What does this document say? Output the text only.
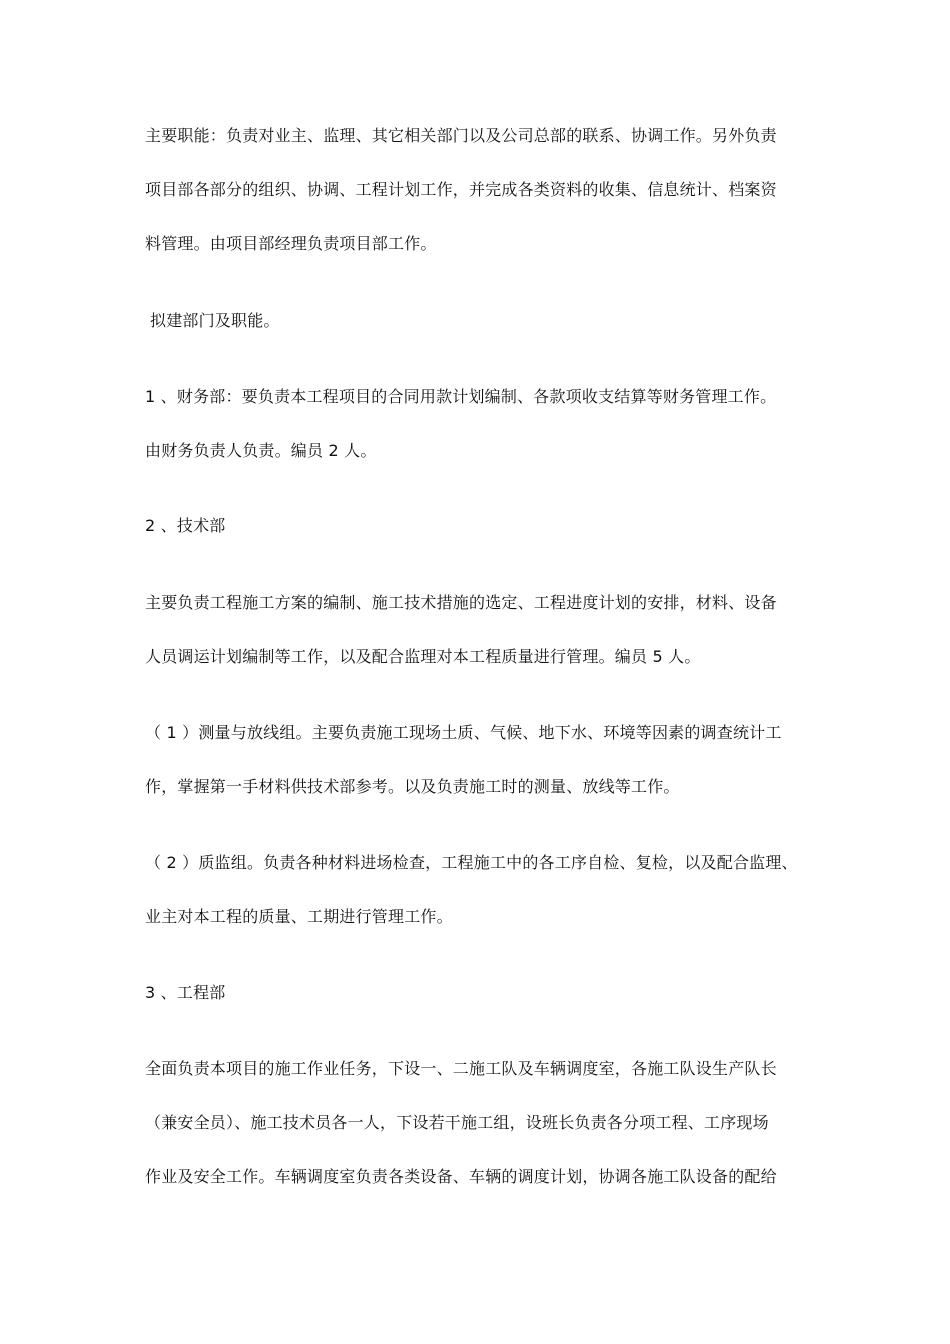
主要职能：负责对业主、监理、其它相关部门以及公司总部的联系、协调工作。另外负责
项目部各部分的组织、协调、工程计划工作，并完成各类资料的收集、信息统计、档案资
料管理。由项目部经理负责项目部工作。
拟建部门及职能。
1 、财务部：要负责本工程项目的合同用款计划编制、各款项收支结算等财务管理工作。
由财务负责人负责。编员 2 人。
2 、技术部
主要负责工程施工方案的编制、施工技术措施的选定、工程进度计划的安排，材料、设备
人员调运计划编制等工作，以及配合监理对本工程质量进行管理。编员 5 人。
（ 1 ）测量与放线组。主要负责施工现场土质、气候、地下水、环境等因素的调查统计工
作，掌握第一手材料供技术部参考。以及负责施工时的测量、放线等工作。
（ 2 ）质监组。负责各种材料进场检查，工程施工中的各工序自检、复检，以及配合监理、
业主对本工程的质量、工期进行管理工作。
3 、工程部
全面负责本项目的施工作业任务，下设一、二施工队及车辆调度室，各施工队设生产队长
（兼安全员）、施工技术员各一人，下设若干施工组，设班长负责各分项工程、工序现场
作业及安全工作。车辆调度室负责各类设备、车辆的调度计划，协调各施工队设备的配给
